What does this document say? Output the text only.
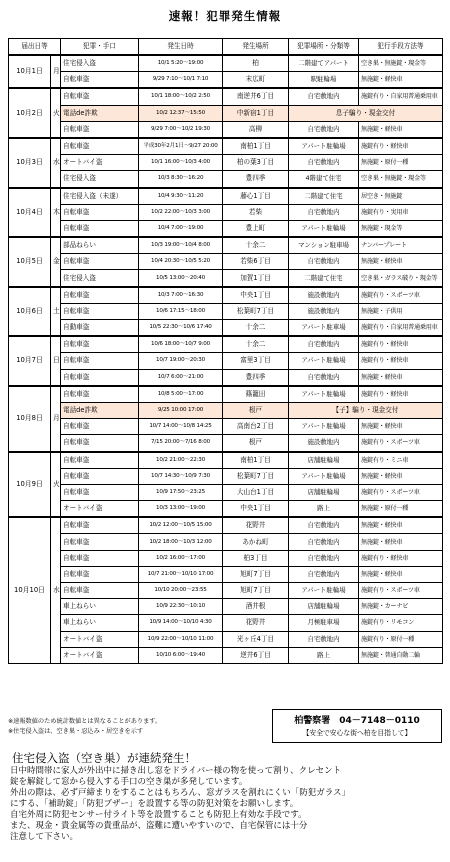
速報！犯罪発生情報
届出日等		犯罪・手口	発生日時	発生場所	犯罪場所・分類等	犯行手段方法等
10月1日	月	住宅侵入盗	10/1 5:20〜19:00	柏	二階建てアパート	空き巣・無施錠・現金等
		自転車盗	9/29 7:10〜10/1 7:10	末広町	駅駐輪場	無施錠・軽快車
10月2日	火	自転車盗	10/1 18:00〜10/2 2:50	南逆井6丁目	自宅敷地内	施錠有り・自家用普通乗用車
		電話de詐欺	10/2 12:37〜15:50	中新宿1丁目	息子騙り・現金交付	
		自転車盗	9/29 7:00〜10/2 19:30	高柳	自宅敷地内	無施錠・軽快車
10月3日	水	自転車盗	平成30年2月1日〜9/27 20:00	南柏1丁目	アパート駐輪場	施錠有り・軽快車
		オートバイ盗	10/1 16:00〜10/3 4:00	柏の葉3丁目	自宅敷地内	無施錠・原付一種
		住宅侵入盗	10/3 8:30〜16:20	豊四季	4階建て住宅	空き巣・無施錠・現金等
10月4日	木	住宅侵入盗（未遂）	10/4 9:30〜11:20	藤心1丁目	二階建て住宅	居空き・無施錠
		自転車盗	10/2 22:00〜10/3 3:00	若柴	自宅敷地内	施錠有り・実用車
		自転車盗	10/4 7:00〜19:00	豊上町	アパート駐輪場	無施錠・現金等
10月5日	金	部品ねらい	10/3 19:00〜10/4 8:00	十余二	マンション駐車場	ナンバープレート
		自転車盗	10/4 20:30〜10/5 5:20	若柴6丁目	自宅敷地内	無施錠・軽快車
		住宅侵入盗	10/5 13:00〜20:40	加賀1丁目	二階建て住宅	空き巣・ガラス破り・現金等
10月6日	土	自転車盗	10/3 7:00〜16:30	中央1丁目	施設敷地内	施錠有り・スポーツ車
		自転車盗	10/6 17:15〜18:00	松葉町7丁目	施設敷地内	無施錠・子供用
		自動車盗	10/5 22:30〜10/6 17:40	十余二	アパート駐車場	施錠有り・自家用普通乗用車
10月7日	日	自転車盗	10/6 18:00〜10/7 9:00	十余二	自宅敷地内	施錠有り・軽快車
		自転車盗	10/7 19:00〜20:30	富里3丁目	アパート駐輪場	施錠有り・軽快車
		自転車盗	10/7 6:00〜21:00	豊四季	自宅敷地内	無施錠・軽快車
10月8日	月	自転車盗	10/8 5:00〜17:00	篠籠田	アパート駐輪場	施錠有り・軽快車
		電話de詐欺	9/25 10:00 17:00	根戸	【子】騙り・現金交付	
		自転車盗	10/7 14:00〜10/8 14:25	高南台2丁目	アパート駐輪場	無施錠・軽快車
		自転車盗	7/15 20:00〜7/16 8:00	根戸	施設敷地内	施錠有り・スポーツ車
10月9日	火	自転車盗	10/2 21:00〜22:30	南柏1丁目	店舗駐輪場	施錠有り・ミニ車
		自転車盗	10/7 14:30〜10/9 7:30	松葉町7丁目	アパート駐輪場	無施錠・軽快車
		自転車盗	10/9 17:50〜23:25	大山台1丁目	店舗駐輪場	施錠有り・スポーツ車
		オートバイ盗	10/3 13:00〜19:00	中央1丁目	路上	無施錠・原付一種
10月10日	水	自転車盗	10/2 12:00〜10/5 15:00	花野井	自宅敷地内	無施錠・軽快車
		自転車盗	10/2 18:00〜10/3 12:00	あかね町	自宅敷地内	無施錠・軽快車
		自転車盗	10/2 16:00〜17:00	柏3丁目	自宅敷地内	施錠有り・軽快車
		自転車盗	10/7 21:00〜10/10 17:00	旭町7丁目	自宅敷地内	無施錠・軽快車
		自転車盗	10/10 20:00〜23:55	旭町7丁目	アパート駐輪場	施錠有り・スポーツ車
		車上ねらい	10/9 22:30〜10:10	酒井根	店舗駐輪場	無施錠・カーナビ
		車上ねらい	10/9 14:00〜10/10 4:30	花野井	月極駐車場	施錠有り・リモコン
		オートバイ盗	10/9 22:00〜10/10 11:00	光ヶ丘4丁目	自宅敷地内	施錠有り・原付一種
		オートバイ盗	10/10 6:00〜19:40	逆井6丁目	路上	無施錠・普通自動二輪
※速報数値のため統計数値とは異なることがあります。
※住宅侵入盗は、空き巣・忍込み・居空きを示す
柏警察署　04－7148－0110
【安全で安心な街へ柏を目指して】
住宅侵入盗（空き巣）が連続発生！

日中時間帯に家人が外出中に掃き出し窓をドライバー様の物を使って割り、クレセント

錠を解錠して窓から侵入する手口の空き巣が多発しています。

外出の際は、必ず戸締まりをすることはもちろん、窓ガラスを割れにくい「防犯ガラス」

にする、「補助錠」「防犯ブザー」を設置する等の防犯対策をお願いします。

自宅外周に防犯センサー付ライト等を設置することも防犯上有効な手段です。

また、現金・貴金属等の貴重品が、盗難に遭いやすいので、自宅保管には十分

注意して下さい。
